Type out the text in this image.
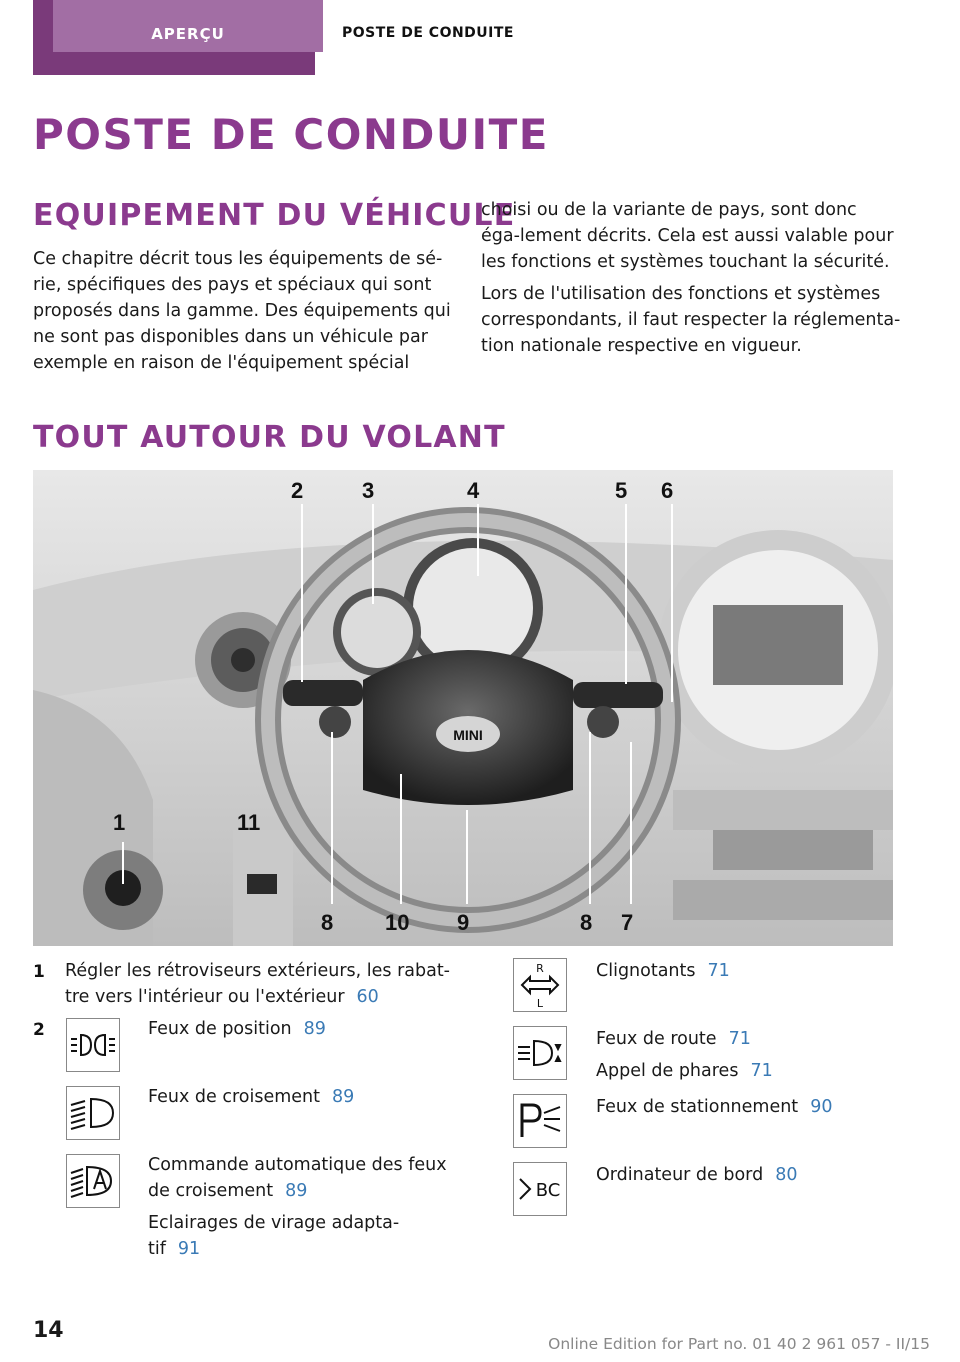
APERÇU	POSTE DE CONDUITE
POSTE DE CONDUITE
EQUIPEMENT DU VÉHICULE

Ce chapitre décrit tous les équipements de sé‐rie, spécifiques des pays et spéciaux qui sont proposés dans la gamme. Des équipements qui ne sont pas disponibles dans un véhicule par exemple en raison de l'équipement spécial

choisi ou de la variante de pays, sont donc éga‐lement décrits. Cela est aussi valable pour les fonctions et systèmes touchant la sécurité.

Lors de l'utilisation des fonctions et systèmes correspondants, il faut respecter la réglementa‐tion nationale respective en vigueur.

TOUT AUTOUR DU VOLANT
MINI
2	3	4	5 6
1	11
8 10 9	8 7
1 Régler les rétroviseurs extérieurs, les rabat‐tre vers l'intérieur ou l'extérieur 60
2	Feux de position 89
Feux de croisement 89
Commande automatique des feux de croisement 89
Eclairages de virage adapta‐tif 91
R
L
Clignotants 71
Feux de route 71
Appel de phares 71
Feux de stationnement 90
BC
Ordinateur de bord 80
14
Online Edition for Part no. 01 40 2 961 057 - II/15
